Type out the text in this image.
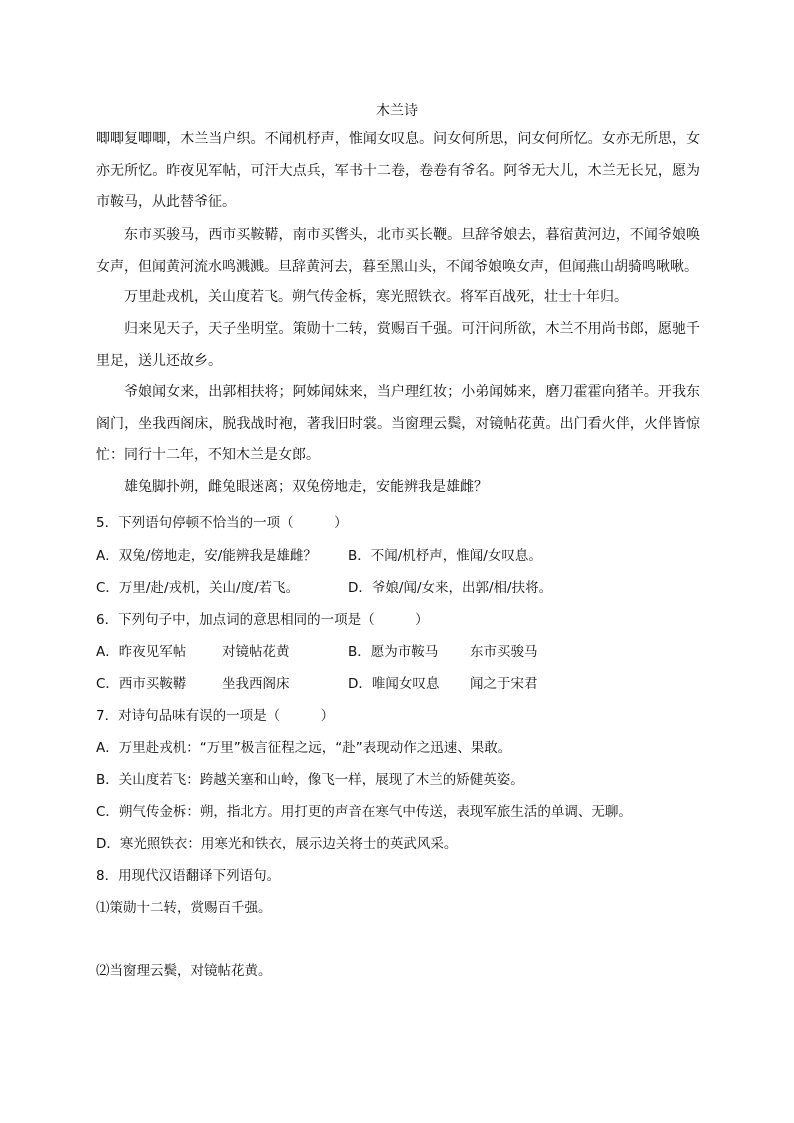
木兰诗

唧唧复唧唧，木兰当户织。不闻机杼声，惟闻女叹息。问女何所思，问女何所忆。女亦无所思，女亦无所忆。昨夜见军帖，可汗大点兵，军书十二卷，卷卷有爷名。阿爷无大儿，木兰无长兄，愿为市鞍马，从此替爷征。

东市买骏马，西市买鞍鞯，南市买辔头，北市买长鞭。旦辞爷娘去，暮宿黄河边，不闻爷娘唤女声，但闻黄河流水鸣溅溅。旦辞黄河去，暮至黑山头，不闻爷娘唤女声，但闻燕山胡骑鸣啾啾。

万里赴戎机，关山度若飞。朔气传金柝，寒光照铁衣。将军百战死，壮士十年归。

归来见天子，天子坐明堂。策勋十二转，赏赐百千强。可汗问所欲，木兰不用尚书郎，愿驰千里足，送儿还故乡。

爷娘闻女来，出郭相扶将；阿姊闻妹来，当户理红妆；小弟闻姊来，磨刀霍霍向猪羊。开我东阁门，坐我西阁床，脱我战时袍，著我旧时裳。当窗理云鬓，对镜帖花黄。出门看火伴，火伴皆惊忙：同行十二年，不知木兰是女郎。

雄兔脚扑朔，雌兔眼迷离；双兔傍地走，安能辨我是雄雌？

5．下列语句停顿不恰当的一项（　　　）
A．双兔/傍地走，安/能辨我是雄雌？ B．不闻/机杼声，惟闻/女叹息。
C．万里/赴/戎机，关山/度/若飞。	D．爷娘/闻/女来，出郭/相/扶将。
6．下列句子中，加点词的意思相同的一项是（　　　）
A．昨夜见军帖	对镜帖花黄	B．愿为市鞍马 东市买骏马
C．西市买鞍鞯	坐我西阁床	D．唯闻女叹息 闻之于宋君
7．对诗句品味有误的一项是（　　　）
A．万里赴戎机：“万里”极言征程之远，“赴”表现动作之迅速、果敢。
B．关山度若飞：跨越关塞和山岭，像飞一样，展现了木兰的矫健英姿。
C．朔气传金柝：朔，指北方。用打更的声音在寒气中传送，表现军旅生活的单调、无聊。
D．寒光照铁衣：用寒光和铁衣，展示边关将士的英武风采。
8．用现代汉语翻译下列语句。
⑴策勋十二转，赏赐百千强。
⑵当窗理云鬓，对镜帖花黄。
